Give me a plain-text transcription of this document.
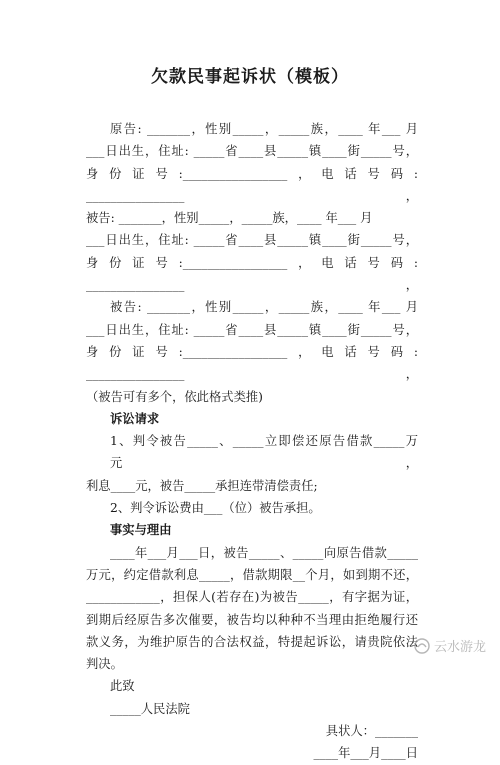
欠款民事起诉状（模板）
原告: _______，性别_____，_____族，____ 年___ 月
___日出生，住址: _____省____县_____镇____街_____号，
身份证号:_________________，电话号码: ________________，
被告: _______，性别_____，_____族，____ 年___ 月
___日出生，住址: _____省____县_____镇____街_____号，
身份证号:_________________，电话号码: ________________，
被告: _______，性别_____，_____族，____ 年___ 月
___日出生，住址: _____省____县_____镇____街_____号，
身份证号:_________________，电话号码: ________________，
（被告可有多个，依此格式类推)
诉讼请求
1、判令被告_____、_____立即偿还原告借款_____万元，
利息____元，被告_____承担连带清偿责任;
2、判令诉讼费由___（位）被告承担。
事实与理由
____年___月___日，被告_____、_____向原告借款_____
万元，约定借款利息_____，借款期限__个月，如到期不还，
____________，担保人(若存在)为被告_____，有字据为证，
到期后经原告多次催要，被告均以种种不当理由拒绝履行还
款义务，为维护原告的合法权益，特提起诉讼，请贵院依法
判决。
此致
_____人民法院
具状人：_______
____年___月____日
云水游龙
